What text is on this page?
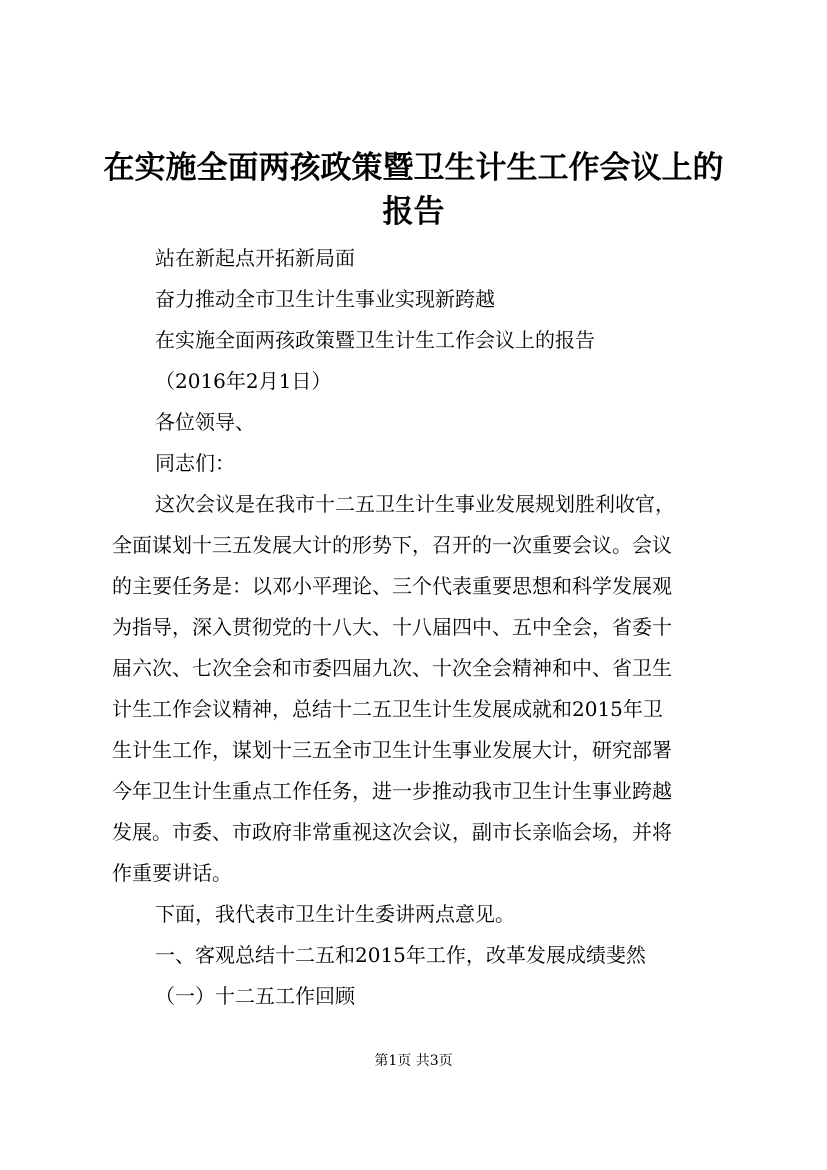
在实施全面两孩政策暨卫生计生工作会议上的
报告
站在新起点开拓新局面
奋力推动全市卫生计生事业实现新跨越
在实施全面两孩政策暨卫生计生工作会议上的报告
（2016年2月1日）
各位领导、
同志们：
这次会议是在我市十二五卫生计生事业发展规划胜利收官，
全面谋划十三五发展大计的形势下，召开的一次重要会议。会议
的主要任务是：以邓小平理论、三个代表重要思想和科学发展观
为指导，深入贯彻党的十八大、十八届四中、五中全会，省委十
届六次、七次全会和市委四届九次、十次全会精神和中、省卫生
计生工作会议精神，总结十二五卫生计生发展成就和2015年卫
生计生工作，谋划十三五全市卫生计生事业发展大计，研究部署
今年卫生计生重点工作任务，进一步推动我市卫生计生事业跨越
发展。市委、市政府非常重视这次会议，副市长亲临会场，并将
作重要讲话。
下面，我代表市卫生计生委讲两点意见。
一、客观总结十二五和2015年工作，改革发展成绩斐然
（一）十二五工作回顾
第1页 共3页
